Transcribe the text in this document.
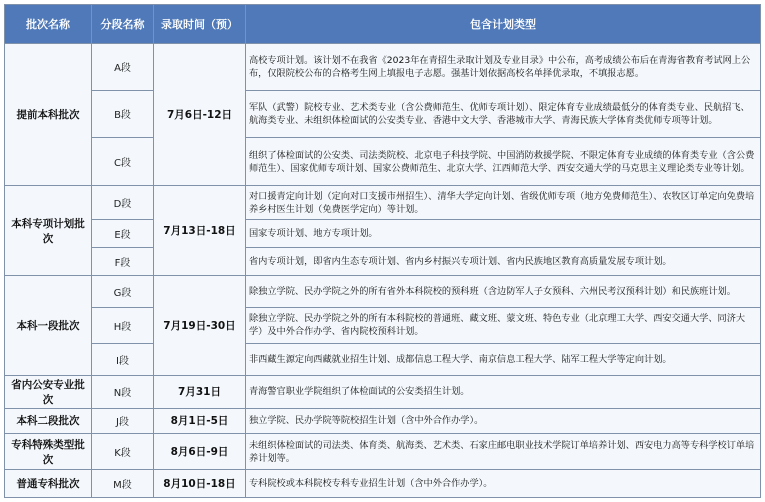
批次名称	分段名称	录取时间（预）	包含计划类型
提前本科批次	A段	7月6日-12日	高校专项计划。该计划不在我省《2023年在青招生录取计划及专业目录》中公布，高考成绩公布后在青海省教育考试网上公布，仅限院校公布的合格考生网上填报电子志愿。强基计划依据高校名单择优录取，不填报志愿。
	B段		军队（武警）院校专业、艺术类专业（含公费师范生、优师专项计划）、限定体育专业成绩最低分的体育类专业、民航招飞、航海类专业、未组织体检面试的公安类专业、香港中文大学、香港城市大学、青海民族大学体育类优师专项等计划。
	C段		组织了体检面试的公安类、司法类院校、北京电子科技学院、中国消防救援学院、不限定体育专业成绩的体育类专业（含公费师范生）、国家优师专项计划、国家公费师范生、北京大学、江西师范大学、西安交通大学的马克思主义理论类专业等计划。
本科专项计划批次	D段	7月13日-18日	对口援青定向计划（定向对口支援市州招生）、清华大学定向计划、省级优师专项（地方免费师范生）、农牧区订单定向免费培养乡村医生计划（免费医学定向）等计划。
	E段		国家专项计划、地方专项计划。
	F段		省内专项计划，即省内生态专项计划、省内乡村振兴专项计划、省内民族地区教育高质量发展专项计划。
本科一段批次	G段	7月19日-30日	除独立学院、民办学院之外的所有省外本科院校的预科班（含边防军人子女预科、六州民考汉预科计划）和民族班计划。
	H段		除独立学院、民办学院之外的所有本科院校的普通班、藏文班、蒙文班、特色专业（北京理工大学、西安交通大学、同济大学）及中外合作办学、省内院校预科计划。
	I段		非西藏生源定向西藏就业招生计划、成都信息工程大学、南京信息工程大学、陆军工程大学等定向计划。
省内公安专业批次	N段	7月31日	青海警官职业学院组织了体检面试的公安类招生计划。
本科二段批次	J段	8月1日-5日	独立学院、民办学院等院校招生计划（含中外合作办学）。
专科特殊类型批次	K段	8月6日-9日	未组织体检面试的司法类、体育类、航海类、艺术类、石家庄邮电职业技术学院订单培养计划、西安电力高等专科学校订单培养计划等。
普通专科批次	M段	8月10日-18日	专科院校或本科院校专科专业招生计划（含中外合作办学）。
